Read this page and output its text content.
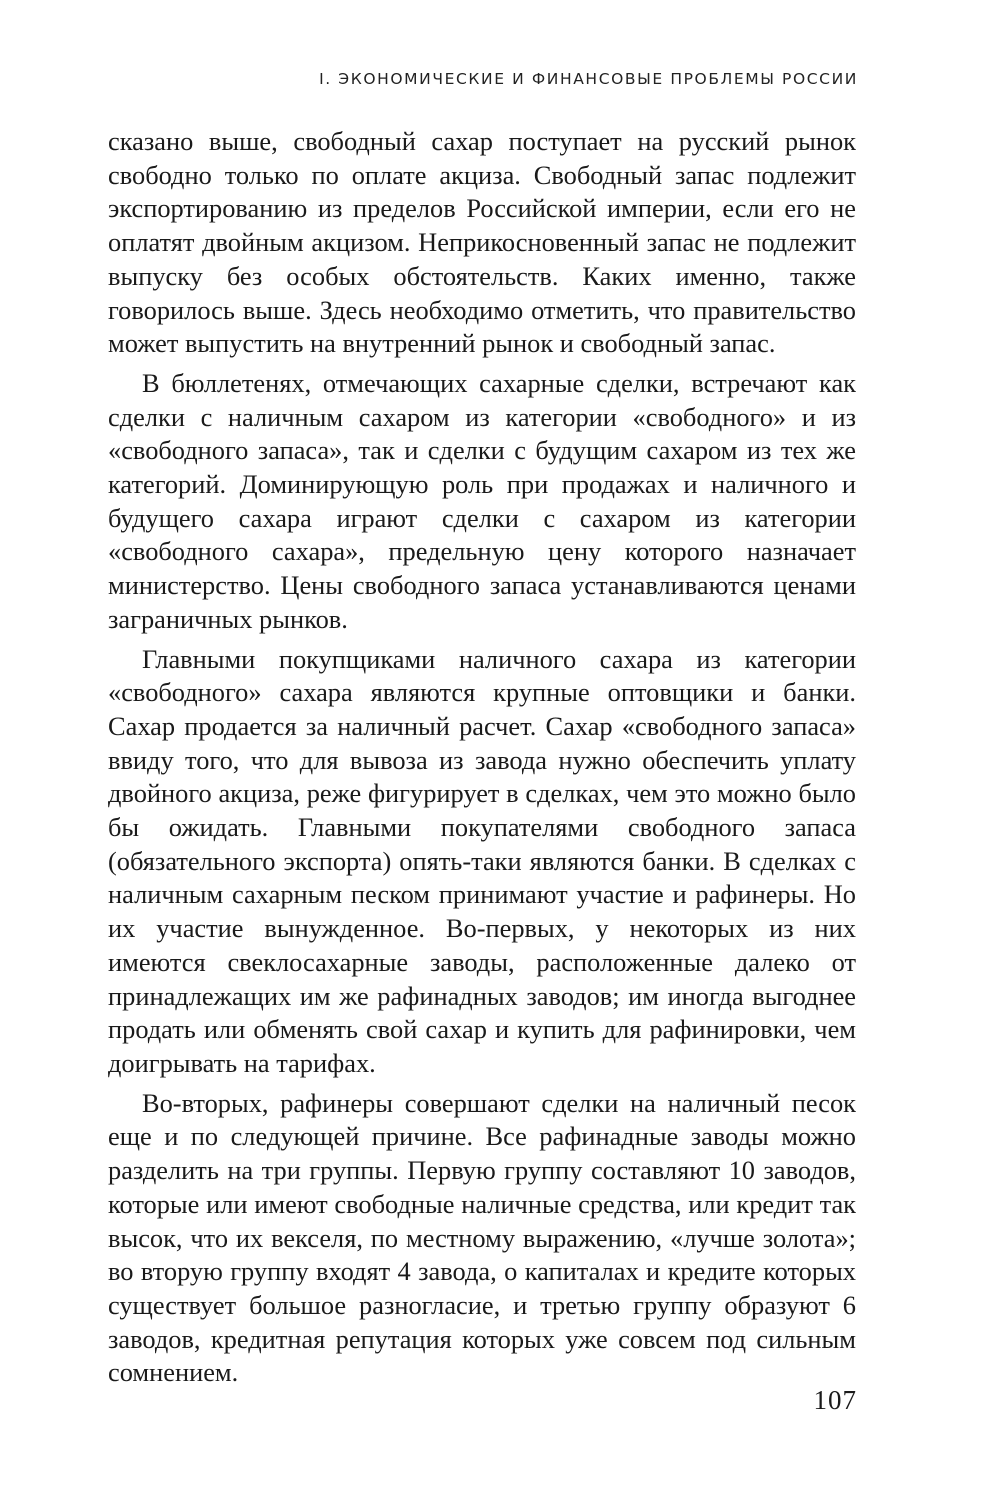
I. ЭКОНОМИЧЕСКИЕ И ФИНАНСОВЫЕ ПРОБЛЕМЫ РОССИИ

сказано выше, свободный сахар поступает на русский рынок свободно только по оплате акциза. Свободный запас подлежит экспортированию из пределов Российской империи, если его не оплатят двойным акцизом. Неприкосновенный запас не подлежит выпуску без особых обстоятельств. Каких именно, также говорилось выше. Здесь необходимо отметить, что правительство может выпустить на внутренний рынок и свободный запас.

В бюллетенях, отмечающих сахарные сделки, встречают как сделки с наличным сахаром из категории «свободного» и из «свободного запаса», так и сделки с будущим сахаром из тех же категорий. Доминирующую роль при продажах и наличного и будущего сахара играют сделки с сахаром из категории «свободного сахара», предельную цену которого назначает министерство. Цены свободного запаса устанавливаются ценами заграничных рынков.

Главными покупщиками наличного сахара из категории «свободного» сахара являются крупные оптовщики и банки. Сахар продается за наличный расчет. Сахар «свободного запаса» ввиду того, что для вывоза из завода нужно обеспечить уплату двойного акциза, реже фигурирует в сделках, чем это можно было бы ожидать. Главными покупателями свободного запаса (обязательного экспорта) опять-таки являются банки. В сделках с наличным сахарным песком принимают участие и рафинеры. Но их участие вынужденное. Во-первых, у некоторых из них имеются свеклосахарные заводы, расположенные далеко от принадлежащих им же рафинадных заводов; им иногда выгоднее продать или обменять свой сахар и купить для рафинировки, чем доигрывать на тарифах.

Во-вторых, рафинеры совершают сделки на наличный песок еще и по следующей причине. Все рафинадные заводы можно разделить на три группы. Первую группу составляют 10 заводов, которые или имеют свободные наличные средства, или кредит так высок, что их векселя, по местному выражению, «лучше золота»; во вторую группу входят 4 завода, о капиталах и кредите которых существует большое разногласие, и третью группу образуют 6 заводов, кредитная репутация которых уже совсем под сильным сомнением.

107
